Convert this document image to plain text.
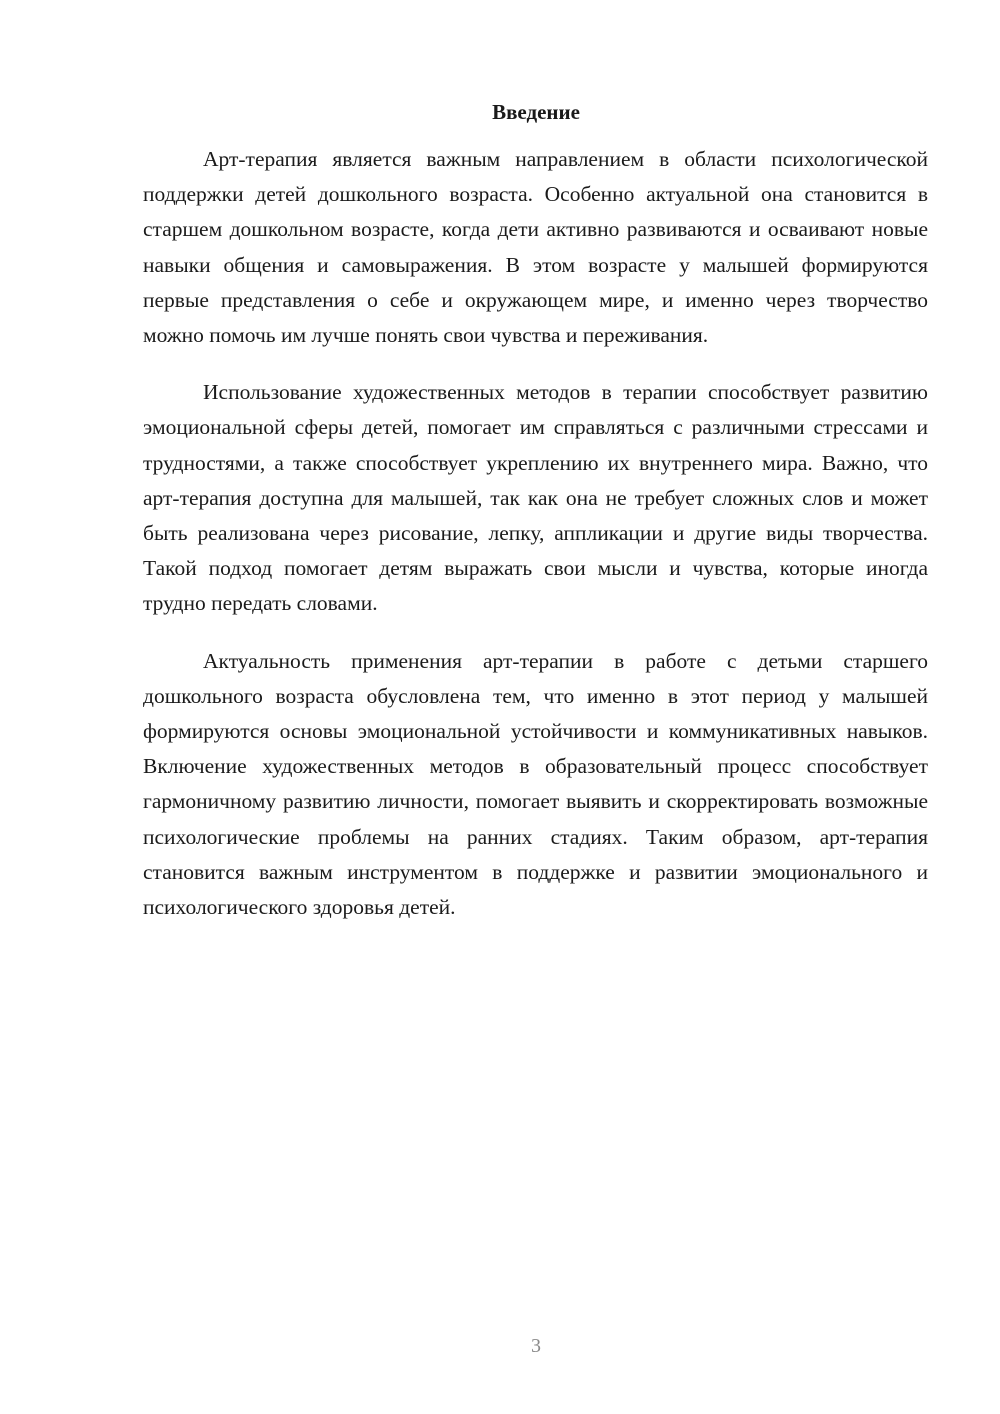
Введение

Арт-терапия является важным направлением в области психологической поддержки детей дошкольного возраста. Особенно актуальной она становится в старшем дошкольном возрасте, когда дети активно развиваются и осваивают новые навыки общения и самовыражения. В этом возрасте у малышей формируются первые представления о себе и окружающем мире, и именно через творчество можно помочь им лучше понять свои чувства и переживания.

Использование художественных методов в терапии способствует развитию эмоциональной сферы детей, помогает им справляться с различными стрессами и трудностями, а также способствует укреплению их внутреннего мира. Важно, что арт-терапия доступна для малышей, так как она не требует сложных слов и может быть реализована через рисование, лепку, аппликации и другие виды творчества. Такой подход помогает детям выражать свои мысли и чувства, которые иногда трудно передать словами.

Актуальность применения арт-терапии в работе с детьми старшего дошкольного возраста обусловлена тем, что именно в этот период у малышей формируются основы эмоциональной устойчивости и коммуникативных навыков. Включение художественных методов в образовательный процесс способствует гармоничному развитию личности, помогает выявить и скорректировать возможные психологические проблемы на ранних стадиях. Таким образом, арт-терапия становится важным инструментом в поддержке и развитии эмоционального и психологического здоровья детей.

3
